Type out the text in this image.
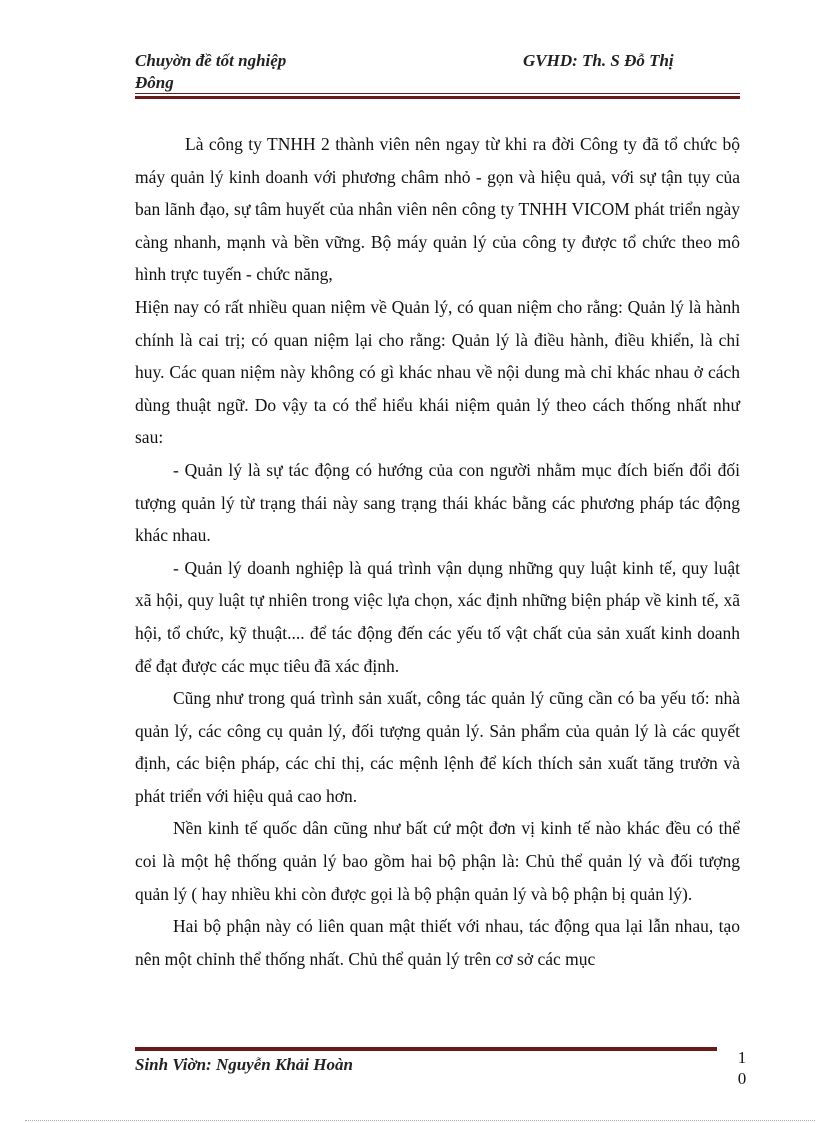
Chuyờn đề tốt nghiệp
Đông
GVHD: Th. S Đỗ Thị

Là công ty TNHH 2 thành viên nên ngay từ khi ra đời Công ty đã tổ chức bộ máy quản lý kinh doanh với phương châm nhỏ - gọn và hiệu quả, với sự tận tụy của ban lãnh đạo, sự tâm huyết của nhân viên nên công ty TNHH VICOM phát triển ngày càng nhanh, mạnh và bền vững. Bộ máy quản lý của công ty được tổ chức theo mô hình trực tuyến - chức năng,

Hiện nay có rất nhiều quan niệm về Quản lý, có quan niệm cho rằng: Quản lý là hành chính là cai trị; có quan niệm lại cho rằng: Quản lý là điều hành, điều khiển, là chỉ huy. Các quan niệm này không có gì khác nhau về nội dung mà chỉ khác nhau ở cách dùng thuật ngữ. Do vậy ta có thể hiểu khái niệm quản lý theo cách thống nhất như sau:

- Quản lý là sự tác động có hướng của con người nhằm mục đích biến đổi đối tượng quản lý từ trạng thái này sang trạng thái khác bằng các phương pháp tác động khác nhau.

- Quản lý doanh nghiệp là quá trình vận dụng những quy luật kinh tế, quy luật xã hội, quy luật tự nhiên trong việc lựa chọn, xác định những biện pháp về kinh tế, xã hội, tổ chức, kỹ thuật.... để tác động đến các yếu tố vật chất của sản xuất kinh doanh để đạt được các mục tiêu đã xác định.

Cũng như trong quá trình sản xuất, công tác quản lý cũng cần có ba yếu tố: nhà quản lý, các công cụ quản lý, đối tượng quản lý. Sản phẩm của quản lý là các quyết định, các biện pháp, các chỉ thị, các mệnh lệnh để kích thích sản xuất tăng trưởn và phát triển với hiệu quả cao hơn.

Nền kinh tế quốc dân cũng như bất cứ một đơn vị kinh tế nào khác đều có thể coi là một hệ thống quản lý bao gồm hai bộ phận là: Chủ thể quản lý và đối tượng quản lý ( hay nhiều khi còn được gọi là bộ phận quản lý và bộ phận bị quản lý).

Hai bộ phận này có liên quan mật thiết với nhau, tác động qua lại lẫn nhau, tạo nên một chỉnh thể thống nhất. Chủ thể quản lý trên cơ sở các mục

Sinh Viờn: Nguyễn Khải Hoàn	1
0
